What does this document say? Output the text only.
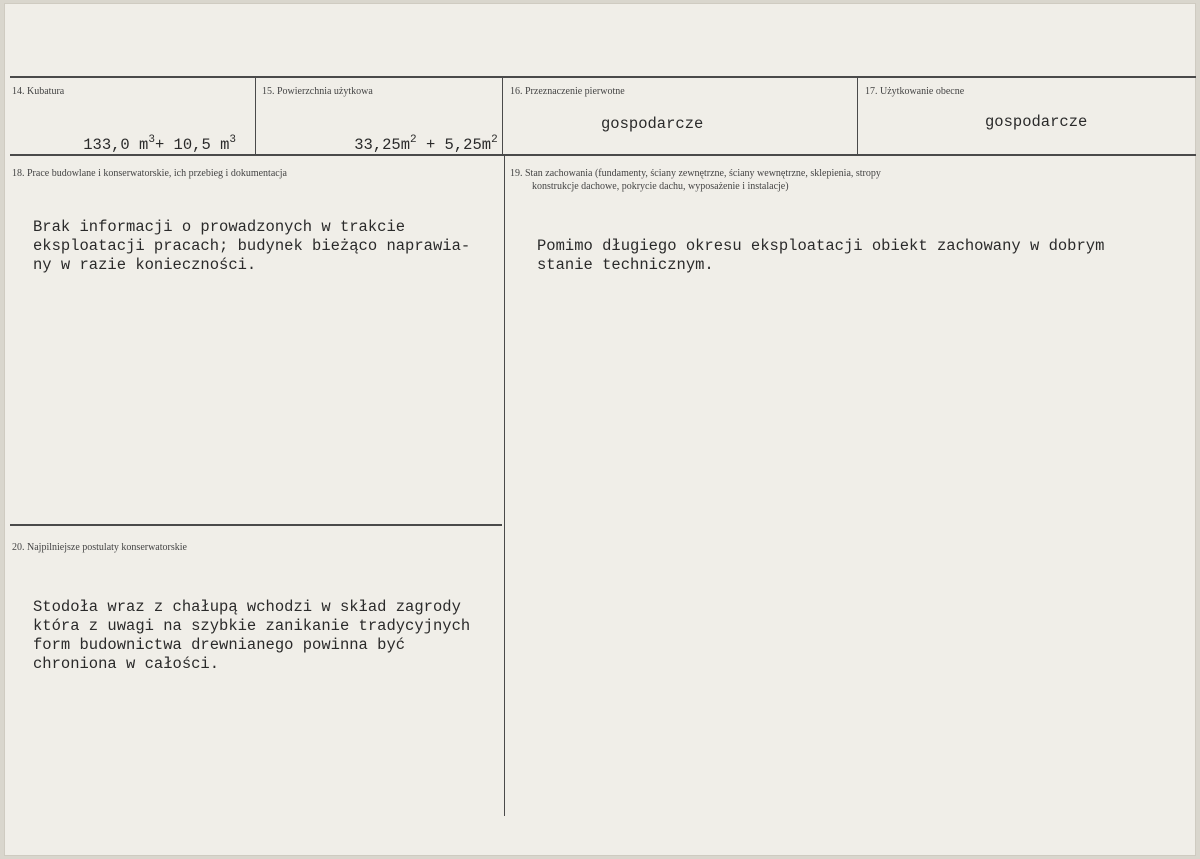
14. Kubatura

133,0 $m^3+ 10,5$ $m^3$

15. Powierzchnia użytkowa

$33,25m^2 + 5,25m^2$

16. Przeznaczenie pierwotne
gospodarcze
17. Użytkowanie obecne
gospodarcze
18. Prace budowlane i konserwatorskie, ich przebieg i dokumentacja
Brak informacji o prowadzonych w trakcie
eksploatacji pracach; budynek bieżąco naprawia-
ny w razie konieczności.
19. Stan zachowania (fundamenty, ściany zewnętrzne, ściany wewnętrzne, sklepienia, stropy
konstrukcje dachowe, pokrycie dachu, wyposażenie i instalacje)
Pomimo długiego okresu eksploatacji obiekt zachowany w dobrym
stanie technicznym.
20. Najpilniejsze postulaty konserwatorskie
Stodoła wraz z chałupą wchodzi w skład zagrody
która z uwagi na szybkie zanikanie tradycyjnych
form budownictwa drewnianego powinna być
chroniona w całości.
